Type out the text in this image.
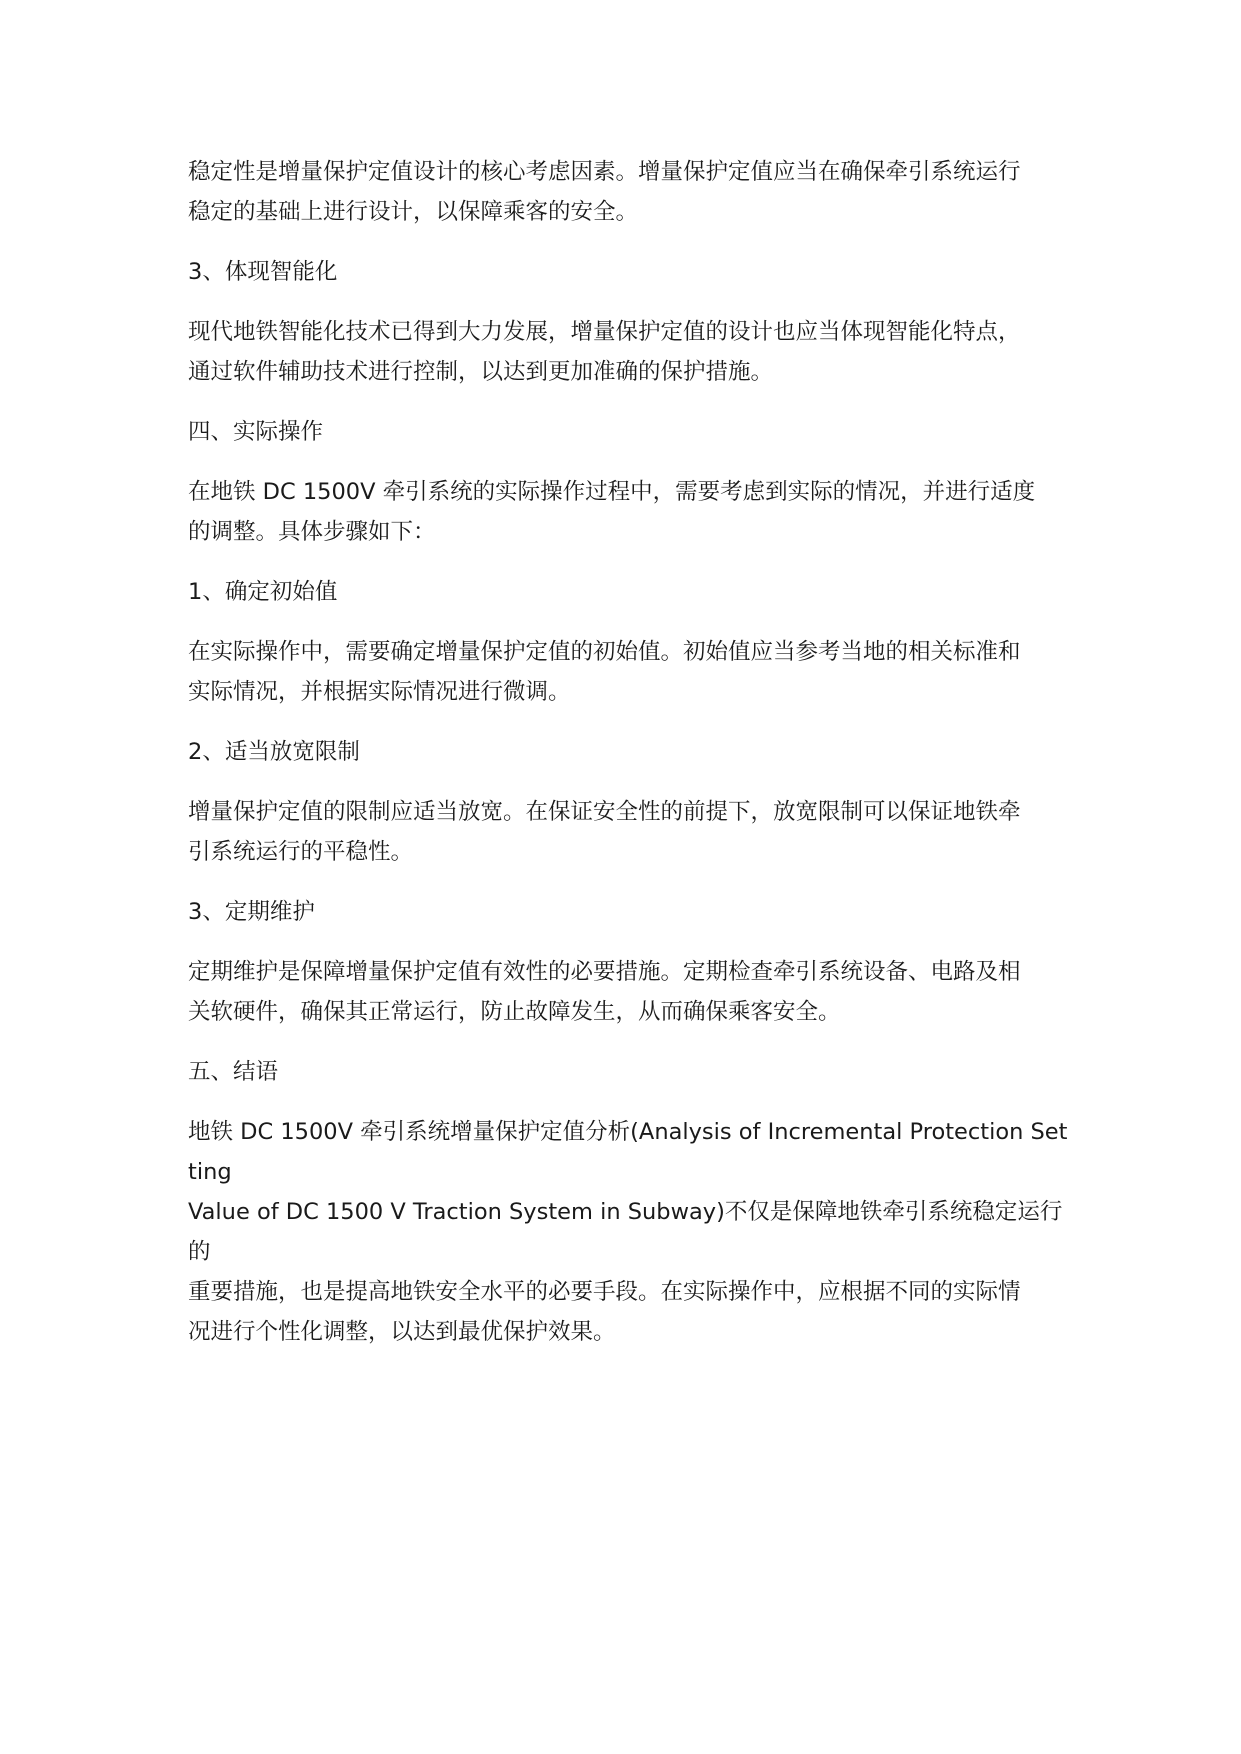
稳定性是增量保护定值设计的核心考虑因素。增量保护定值应当在确保牵引系统运行
稳定的基础上进行设计，以保障乘客的安全。

3、体现智能化

现代地铁智能化技术已得到大力发展，增量保护定值的设计也应当体现智能化特点，
通过软件辅助技术进行控制，以达到更加准确的保护措施。

四、实际操作

在地铁 DC 1500V 牵引系统的实际操作过程中，需要考虑到实际的情况，并进行适度
的调整。具体步骤如下：

1、确定初始值

在实际操作中，需要确定增量保护定值的初始值。初始值应当参考当地的相关标准和
实际情况，并根据实际情况进行微调。

2、适当放宽限制

增量保护定值的限制应适当放宽。在保证安全性的前提下，放宽限制可以保证地铁牵
引系统运行的平稳性。

3、定期维护

定期维护是保障增量保护定值有效性的必要措施。定期检查牵引系统设备、电路及相
关软硬件，确保其正常运行，防止故障发生，从而确保乘客安全。

五、结语

地铁 DC 1500V 牵引系统增量保护定值分析(Analysis of Incremental Protection Setting
Value of DC 1500 V Traction System in Subway)不仅是保障地铁牵引系统稳定运行的
重要措施，也是提高地铁安全水平的必要手段。在实际操作中，应根据不同的实际情
况进行个性化调整，以达到最优保护效果。
